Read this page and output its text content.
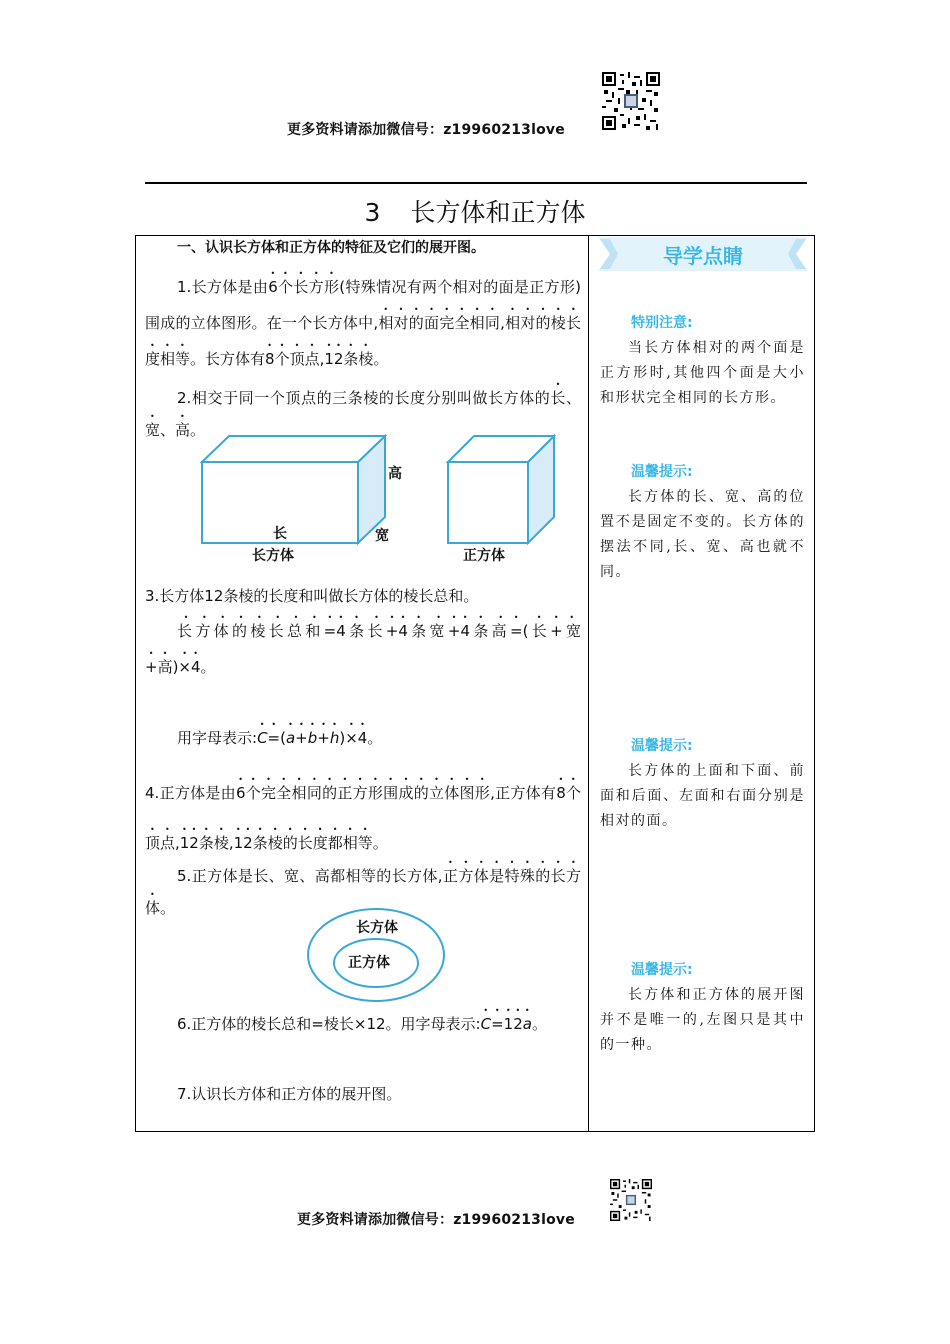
更多资料请添加微信号：z19960213love
3 长方体和正方体

一、认识长方体和正方体的特征及它们的展开图。

1.长方体是由6个长方形(特殊情况有两个相对的面是正方形)围成的立体图形。在一个长方体中,相对的面完全相同,相对的棱长度相等。长方体有8个顶点,12条棱。

2.相交于同一个顶点的三条棱的长度分别叫做长方体的长、宽、高。

高
长	宽
长方体	正方体

3.长方体12条棱的长度和叫做长方体的棱长总和。

长方体的棱长总和=4条长+4条宽+4条高=(长+宽+高)×4。

用字母表示:C=(a+b+h)×4。

4.正方体是由6个完全相同的正方形围成的立体图形,正方体有8个顶点,12条棱,12条棱的长度都相等。

5.正方体是长、宽、高都相等的长方体,正方体是特殊的长方体。

长方体
正方体

6.正方体的棱长总和=棱长×12。用字母表示:C=12a。

7.认识长方体和正方体的展开图。

导学点睛
特别注意:
当长方体相对的两个面是正方形时,其他四个面是大小和形状完全相同的长方形。
温馨提示:
长方体的长、宽、高的位置不是固定不变的。长方体的摆法不同,长、宽、高也就不同。
温馨提示:
长方体的上面和下面、前面和后面、左面和右面分别是相对的面。
温馨提示:
长方体和正方体的展开图并不是唯一的,左图只是其中的一种。
更多资料请添加微信号：z19960213love
